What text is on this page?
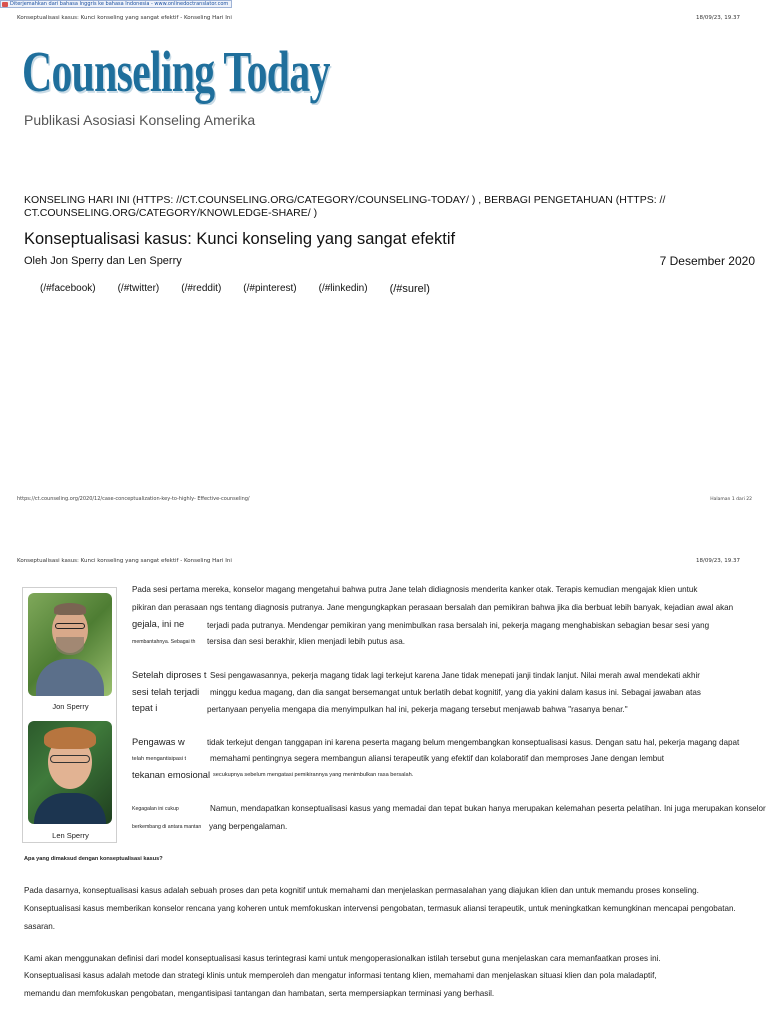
Diterjemahkan dari bahasa Inggris ke bahasa Indonesia - www.onlinedoctranslator.com
Konseptualisasi kasus: Kunci konseling yang sangat efektif - Konseling Hari Ini	18/09/23, 19.37
Counseling Today
Publikasi Asosiasi Konseling Amerika
KONSELING HARI INI (HTTPS: //CT.COUNSELING.ORG/CATEGORY/COUNSELING-TODAY/ ) , BERBAGI PENGETAHUAN (HTTPS: //
CT.COUNSELING.ORG/CATEGORY/KNOWLEDGE-SHARE/ )
Konseptualisasi kasus: Kunci konseling yang sangat efektif
Oleh Jon Sperry dan Len Sperry	7 Desember 2020
(/#facebook) (/#twitter) (/#reddit) (/#pinterest) (/#linkedin) (/#surel)
https://ct.counseling.org/2020/12/case-conceptualization-key-to-highly- Effective-counseling/	Halaman 1 dari 22
Konseptualisasi kasus: Kunci konseling yang sangat efektif - Konseling Hari Ini	18/09/23, 19.37
Jon Sperry
Len Sperry
Pada sesi pertama mereka, konselor magang mengetahui bahwa putra Jane telah didiagnosis menderita kanker otak. Terapis kemudian mengajak klien untuk
pikiran dan perasaan ngs tentang diagnosis putranya. Jane mengungkapkan perasaan bersalah dan pemikiran bahwa jika dia berbuat lebih banyak, kejadian awal akan
gejala, ini ne	terjadi pada putranya. Mendengar pemikiran yang menimbulkan rasa bersalah ini, pekerja magang menghabiskan sebagian besar sesi yang
membantahnya. Sebagai th tersisa dan sesi berakhir, klien menjadi lebih putus asa.
Setelah diproses t Sesi pengawasannya, pekerja magang tidak lagi terkejut karena Jane tidak menepati janji tindak lanjut. Nilai merah awal mendekati akhir
sesi telah terjadi minggu kedua magang, dan dia sangat bersemangat untuk berlatih debat kognitif, yang dia yakini dalam kasus ini. Sebagai jawaban atas
tepat i	pertanyaan penyelia mengapa dia menyimpulkan hal ini, pekerja magang tersebut menjawab bahwa "rasanya benar."
Pengawas w	tidak terkejut dengan tanggapan ini karena peserta magang belum mengembangkan konseptualisasi kasus. Dengan satu hal, pekerja magang dapat
telah mengantisipasi t	memahami pentingnya segera membangun aliansi terapeutik yang efektif dan kolaboratif dan memproses Jane dengan lembut
tekanan emosional secukupnya sebelum mengatasi pemikirannya yang menimbulkan rasa bersalah.
Kegagalan ini cukup	Namun, mendapatkan konseptualisasi kasus yang memadai dan tepat bukan hanya merupakan kelemahan peserta pelatihan. Ini juga merupakan konselor
berkembang di antara mantan yang berpengalaman.
Apa yang dimaksud dengan konseptualisasi kasus?
Pada dasarnya, konseptualisasi kasus adalah sebuah proses dan peta kognitif untuk memahami dan menjelaskan permasalahan yang diajukan klien dan untuk memandu proses konseling.
Konseptualisasi kasus memberikan konselor rencana yang koheren untuk memfokuskan intervensi pengobatan, termasuk aliansi terapeutik, untuk meningkatkan kemungkinan mencapai pengobatan.
sasaran.
Kami akan menggunakan definisi dari model konseptualisasi kasus terintegrasi kami untuk mengoperasionalkan istilah tersebut guna menjelaskan cara memanfaatkan proses ini.
Konseptualisasi kasus adalah metode dan strategi klinis untuk memperoleh dan mengatur informasi tentang klien, memahami dan menjelaskan situasi klien dan pola maladaptif,
memandu dan memfokuskan pengobatan, mengantisipasi tantangan dan hambatan, serta mempersiapkan terminasi yang berhasil.
